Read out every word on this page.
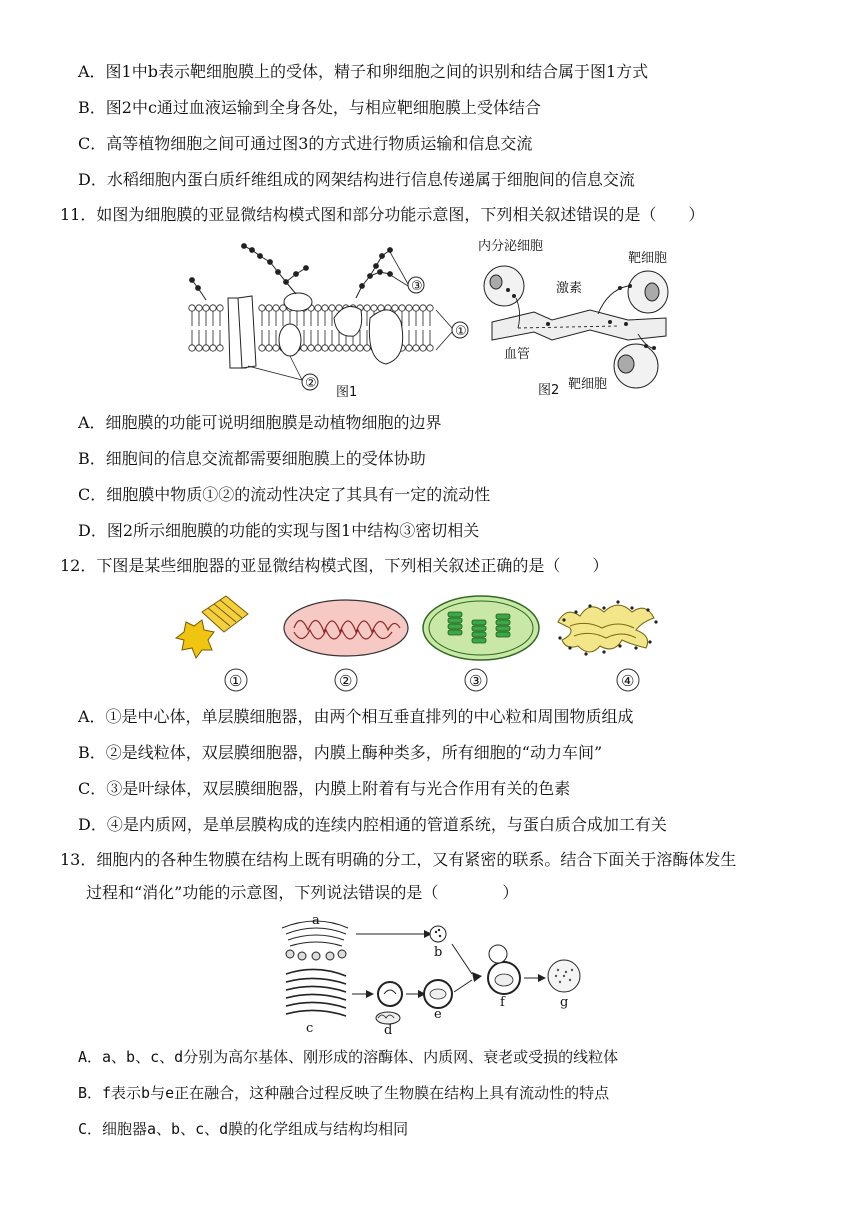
A．图1中b表示靶细胞膜上的受体，精子和卵细胞之间的识别和结合属于图1方式
B．图2中c通过血液运输到全身各处，与相应靶细胞膜上受体结合
C．高等植物细胞之间可通过图3的方式进行物质运输和信息交流
D．水稻细胞内蛋白质纤维组成的网架结构进行信息传递属于细胞间的信息交流
11．如图为细胞膜的亚显微结构模式图和部分功能示意图，下列相关叙述错误的是（　　）
③
①
②
图1
内分泌细胞
靶细胞
激素
血管
靶细胞
图2
A．细胞膜的功能可说明细胞膜是动植物细胞的边界
B．细胞间的信息交流都需要细胞膜上的受体协助
C．细胞膜中物质①②的流动性决定了其具有一定的流动性
D．图2所示细胞膜的功能的实现与图1中结构③密切相关
12．下图是某些细胞器的亚显微结构模式图，下列相关叙述正确的是（　　）
①	②	③	④
A．①是中心体，单层膜细胞器，由两个相互垂直排列的中心粒和周围物质组成
B．②是线粒体，双层膜细胞器，内膜上酶种类多，所有细胞的“动力车间”
C．③是叶绿体，双层膜细胞器，内膜上附着有与光合作用有关的色素
D．④是内质网，是单层膜构成的连续内腔相通的管道系统，与蛋白质合成加工有关
13．细胞内的各种生物膜在结构上既有明确的分工，又有紧密的联系。结合下面关于溶酶体发生
过程和“消化”功能的示意图，下列说法错误的是（　　　　）
a
b
c	d
e
f	g
A．a、b、c、d分别为高尔基体、刚形成的溶酶体、内质网、衰老或受损的线粒体
B．f表示b与e正在融合，这种融合过程反映了生物膜在结构上具有流动性的特点
C．细胞器a、b、c、d膜的化学组成与结构均相同
